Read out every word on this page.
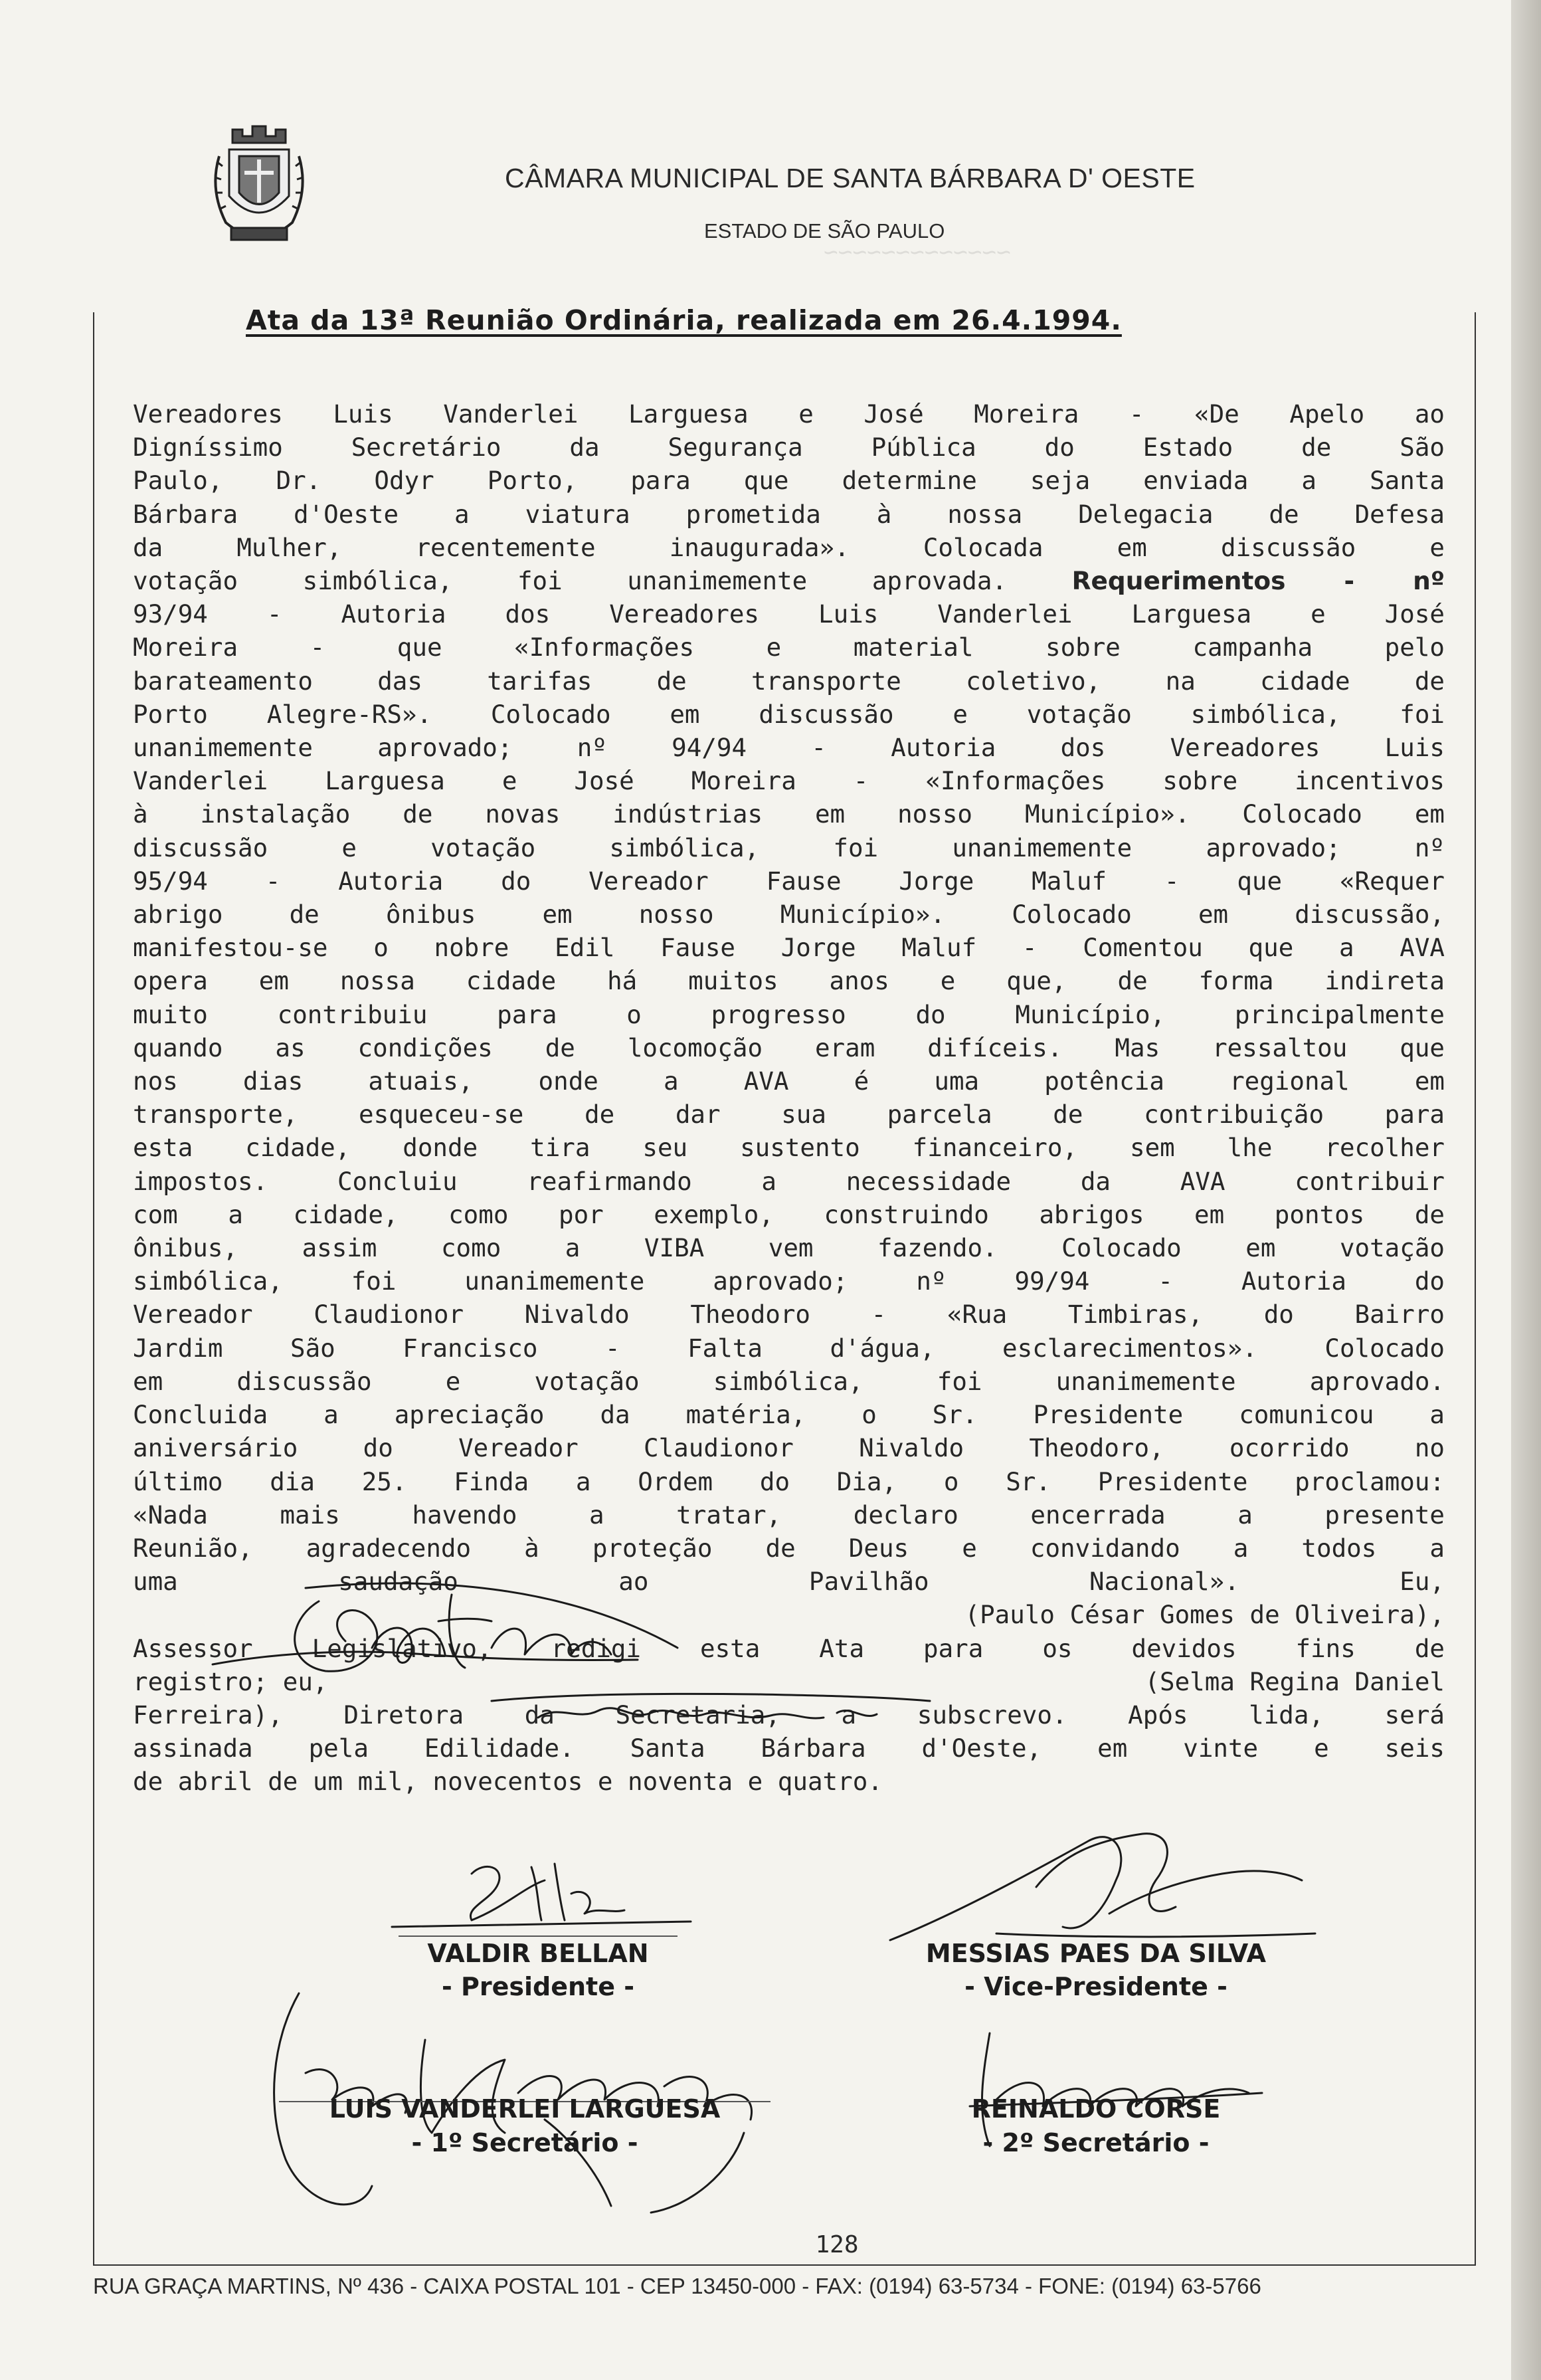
~~~~~~~~~~~~~
CÂMARA MUNICIPAL DE SANTA BÁRBARA D' OESTE
ESTADO DE SÃO PAULO
Ata da 13ª Reunião Ordinária, realizada em 26.4.1994.

Vereadores Luis Vanderlei Larguesa e José Moreira - «De Apelo ao

Digníssimo Secretário da Segurança Pública do Estado de São

Paulo, Dr. Odyr Porto, para que determine seja enviada a Santa

Bárbara d'Oeste a viatura prometida à nossa Delegacia de Defesa

da Mulher, recentemente inaugurada». Colocada em discussão e

votação simbólica, foi unanimemente aprovada.	Requerimentos - nº

93/94 - Autoria dos Vereadores Luis Vanderlei Larguesa e José

Moreira - que «Informações e material sobre campanha pelo

barateamento das tarifas de transporte coletivo, na cidade de

Porto Alegre-RS». Colocado em discussão e votação simbólica, foi

unanimemente aprovado; nº 94/94 - Autoria dos Vereadores Luis

Vanderlei Larguesa e José Moreira - «Informações sobre incentivos

à instalação de novas indústrias em nosso Município». Colocado em

discussão e votação simbólica, foi unanimemente aprovado; nº

95/94 - Autoria do Vereador Fause Jorge Maluf - que «Requer

abrigo de ônibus em nosso Município». Colocado em discussão,

manifestou-se o nobre Edil Fause Jorge Maluf - Comentou que a AVA

opera em nossa cidade há muitos anos e que, de forma indireta

muito contribuiu para o progresso do Município, principalmente

quando as condições de locomoção eram difíceis. Mas ressaltou que

nos dias atuais, onde a AVA é uma potência regional em

transporte, esqueceu-se de dar sua parcela de contribuição para

esta cidade, donde tira seu sustento financeiro, sem lhe recolher

impostos. Concluiu reafirmando a necessidade da AVA contribuir

com a cidade, como por exemplo, construindo abrigos em pontos de

ônibus, assim como a VIBA vem fazendo. Colocado em votação

simbólica, foi unanimemente aprovado; nº 99/94 - Autoria do

Vereador Claudionor Nivaldo Theodoro - «Rua Timbiras, do Bairro

Jardim São Francisco - Falta d'água, esclarecimentos». Colocado

em discussão e votação simbólica, foi unanimemente aprovado.

Concluida a apreciação da matéria, o Sr. Presidente comunicou a

aniversário do Vereador Claudionor Nivaldo Theodoro, ocorrido no

último dia 25. Finda a Ordem do Dia, o Sr. Presidente proclamou:

«Nada mais havendo a tratar, declaro encerrada a presente

Reunião, agradecendo à proteção de Deus e convidando a todos a

uma saudação ao Pavilhão Nacional». Eu,

(Paulo César Gomes de Oliveira),

Assessor Legislativo, redigi esta Ata para os devidos fins de

registro; eu,	(Selma Regina Daniel

Ferreira), Diretora da Secretaria, a subscrevo. Após lida, será

assinada pela Edilidade. Santa Bárbara d'Oeste, em vinte e seis

de abril de um mil, novecentos e noventa e quatro.

VALDIR BELLAN
- Presidente -
MESSIAS PAES DA SILVA
- Vice-Presidente -
LUIS VANDERLEI LARGUESA
- 1º Secretário -
REINALDO CORSE
- 2º Secretário -
128
RUA GRAÇA MARTINS, Nº 436 - CAIXA POSTAL 101 - CEP 13450-000 - FAX: (0194) 63-5734 - FONE: (0194) 63-5766
